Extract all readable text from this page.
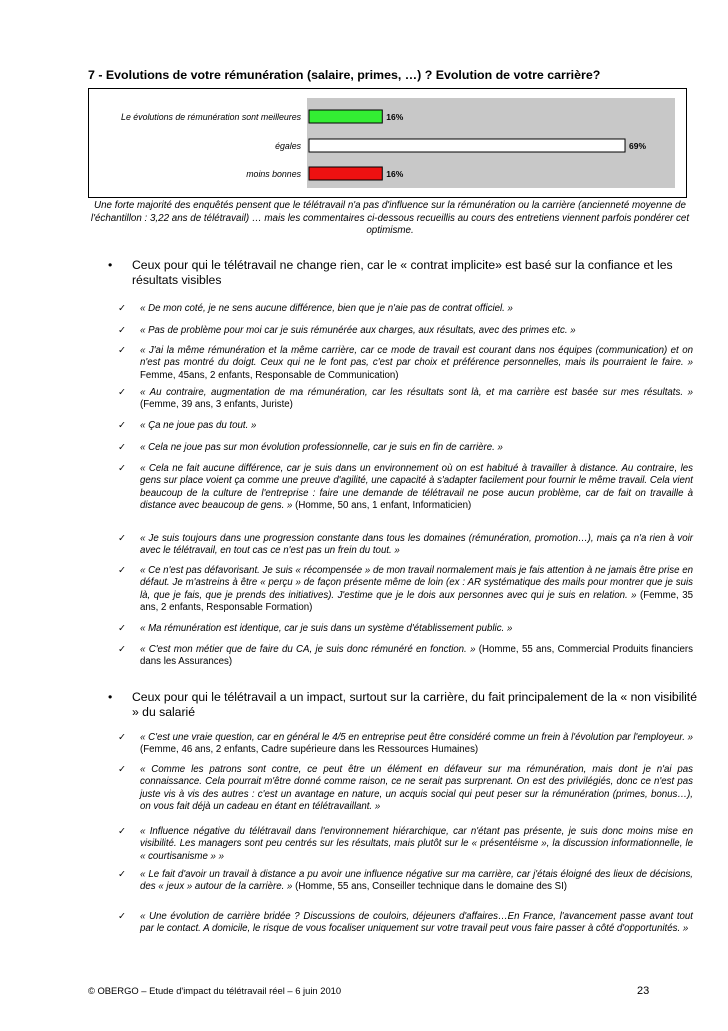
7 - Evolutions de votre rémunération (salaire, primes, …) ? Evolution de votre carrière?
16%
Le évolutions de rémunération sont meilleures
69%
égales
16%
moins bonnes
Une forte majorité des enquêtés pensent que le télétravail n'a pas d'influence sur la rémunération ou la carrière (ancienneté moyenne de l'échantillon : 3,22 ans de télétravail) … mais les commentaires ci-dessous recueillis au cours des entretiens viennent parfois pondérer cet optimisme.
• Ceux pour qui le télétravail ne change rien, car le « contrat implicite» est basé sur la confiance et les résultats visibles
✓ « De mon coté, je ne sens aucune différence, bien que je n'aie pas de contrat officiel. »
✓ « Pas de problème pour moi car je suis rémunérée aux charges, aux résultats, avec des primes etc. »
✓ « J'ai la même rémunération et la même carrière, car ce mode de travail est courant dans nos équipes (communication) et on n'est pas montré du doigt. Ceux qui ne le font pas, c'est par choix et préférence personnelles, mais ils pourraient le faire. » Femme, 45ans, 2 enfants, Responsable de Communication)
✓ « Au contraire, augmentation de ma rémunération, car les résultats sont là, et ma carrière est basée sur mes résultats. » (Femme, 39 ans, 3 enfants, Juriste)
✓ « Ça ne joue pas du tout. »
✓ « Cela ne joue pas sur mon évolution professionnelle, car je suis en fin de carrière. »
✓ « Cela ne fait aucune différence, car je suis dans un environnement où on est habitué à travailler à distance. Au contraire, les gens sur place voient ça comme une preuve d'agilité, une capacité à s'adapter facilement pour fournir le même travail. Cela vient beaucoup de la culture de l'entreprise : faire une demande de télétravail ne pose aucun problème, car de fait on travaille à distance avec beaucoup de gens. » (Homme, 50 ans, 1 enfant, Informaticien)
✓ « Je suis toujours dans une progression constante dans tous les domaines (rémunération, promotion…), mais ça n'a rien à voir avec le télétravail, en tout cas ce n'est pas un frein du tout. »
✓ « Ce n'est pas défavorisant. Je suis « récompensée » de mon travail normalement mais je fais attention à ne jamais être prise en défaut. Je m'astreins à être « perçu » de façon présente même de loin (ex : AR systématique des mails pour montrer que je suis là, que je fais, que je prends des initiatives). J'estime que je le dois aux personnes avec qui je suis en relation. » (Femme, 35 ans, 2 enfants, Responsable Formation)
✓ « Ma rémunération est identique, car je suis dans un système d'établissement public. »
✓ « C'est mon métier que de faire du CA, je suis donc rémunéré en fonction. » (Homme, 55 ans, Commercial Produits financiers dans les Assurances)
• Ceux pour qui le télétravail a un impact, surtout sur la carrière, du fait principalement de la « non visibilité » du salarié
✓ « C'est une vraie question, car en général le 4/5 en entreprise peut être considéré comme un frein à l'évolution par l'employeur. » (Femme, 46 ans, 2 enfants, Cadre supérieure dans les Ressources Humaines)
✓ « Comme les patrons sont contre, ce peut être un élément en défaveur sur ma rémunération, mais dont je n'ai pas connaissance. Cela pourrait m'être donné comme raison, ce ne serait pas surprenant. On est des privilégiés, donc ce n'est pas juste vis à vis des autres : c'est un avantage en nature, un acquis social qui peut peser sur la rémunération (primes, bonus…), on vous fait déjà un cadeau en étant en télétravaillant. »
✓ « Influence négative du télétravail dans l'environnement hiérarchique, car n'étant pas présente, je suis donc moins mise en visibilité. Les managers sont peu centrés sur les résultats, mais plutôt sur le « présentéisme », la discussion informationnelle, le « courtisanisme » »
✓ « Le fait d'avoir un travail à distance a pu avoir une influence négative sur ma carrière, car j'étais éloigné des lieux de décisions, des « jeux » autour de la carrière. » (Homme, 55 ans, Conseiller technique dans le domaine des SI)
✓ « Une évolution de carrière bridée ? Discussions de couloirs, déjeuners d'affaires…En France, l'avancement passe avant tout par le contact. A domicile, le risque de vous focaliser uniquement sur votre travail peut vous faire passer à côté d'opportunités. »
© OBERGO – Etude d'impact du télétravail réel – 6 juin 2010	23
